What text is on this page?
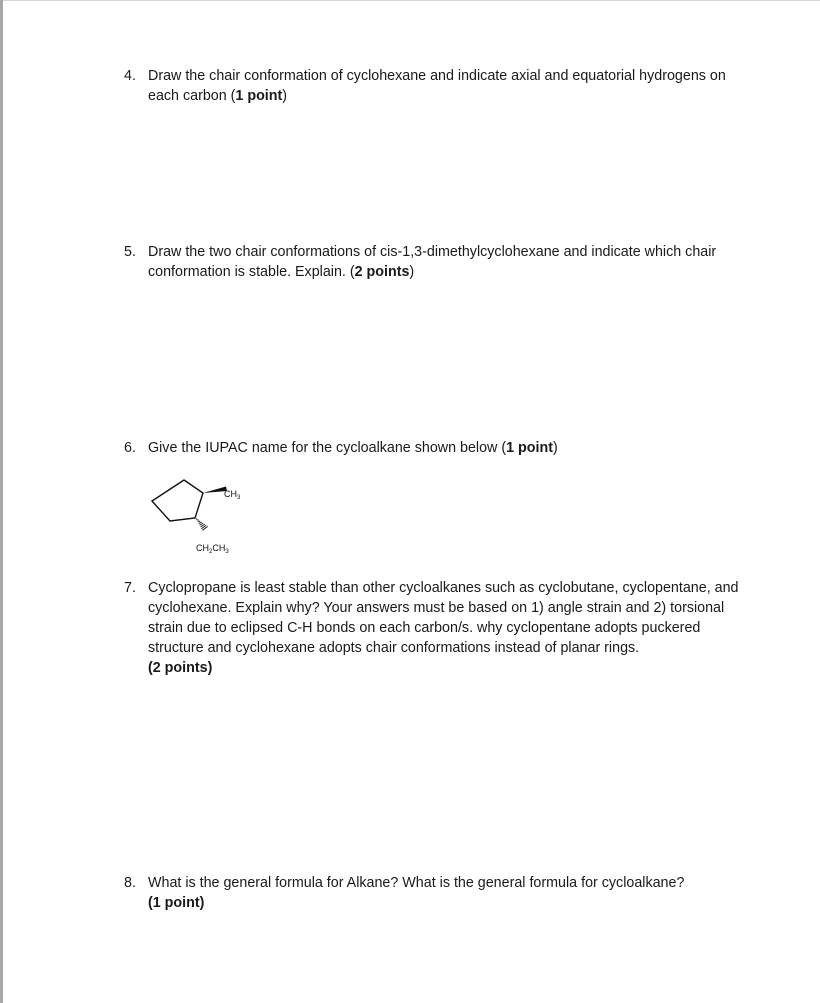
4. Draw the chair conformation of cyclohexane and indicate axial and equatorial hydrogens on each carbon (1 point)
5. Draw the two chair conformations of cis-1,3-dimethylcyclohexane and indicate which chair conformation is stable. Explain. (2 points)
6. Give the IUPAC name for the cycloalkane shown below (1 point)
$CH_3$
$CH_2CH_3$
7. Cyclopropane is least stable than other cycloalkanes such as cyclobutane, cyclopentane, and cyclohexane. Explain why? Your answers must be based on 1) angle strain and 2) torsional strain due to eclipsed C-H bonds on each carbon/s. why cyclopentane adopts puckered structure and cyclohexane adopts chair conformations instead of planar rings.
(2 points)
8. What is the general formula for Alkane? What is the general formula for cycloalkane?
(1 point)
